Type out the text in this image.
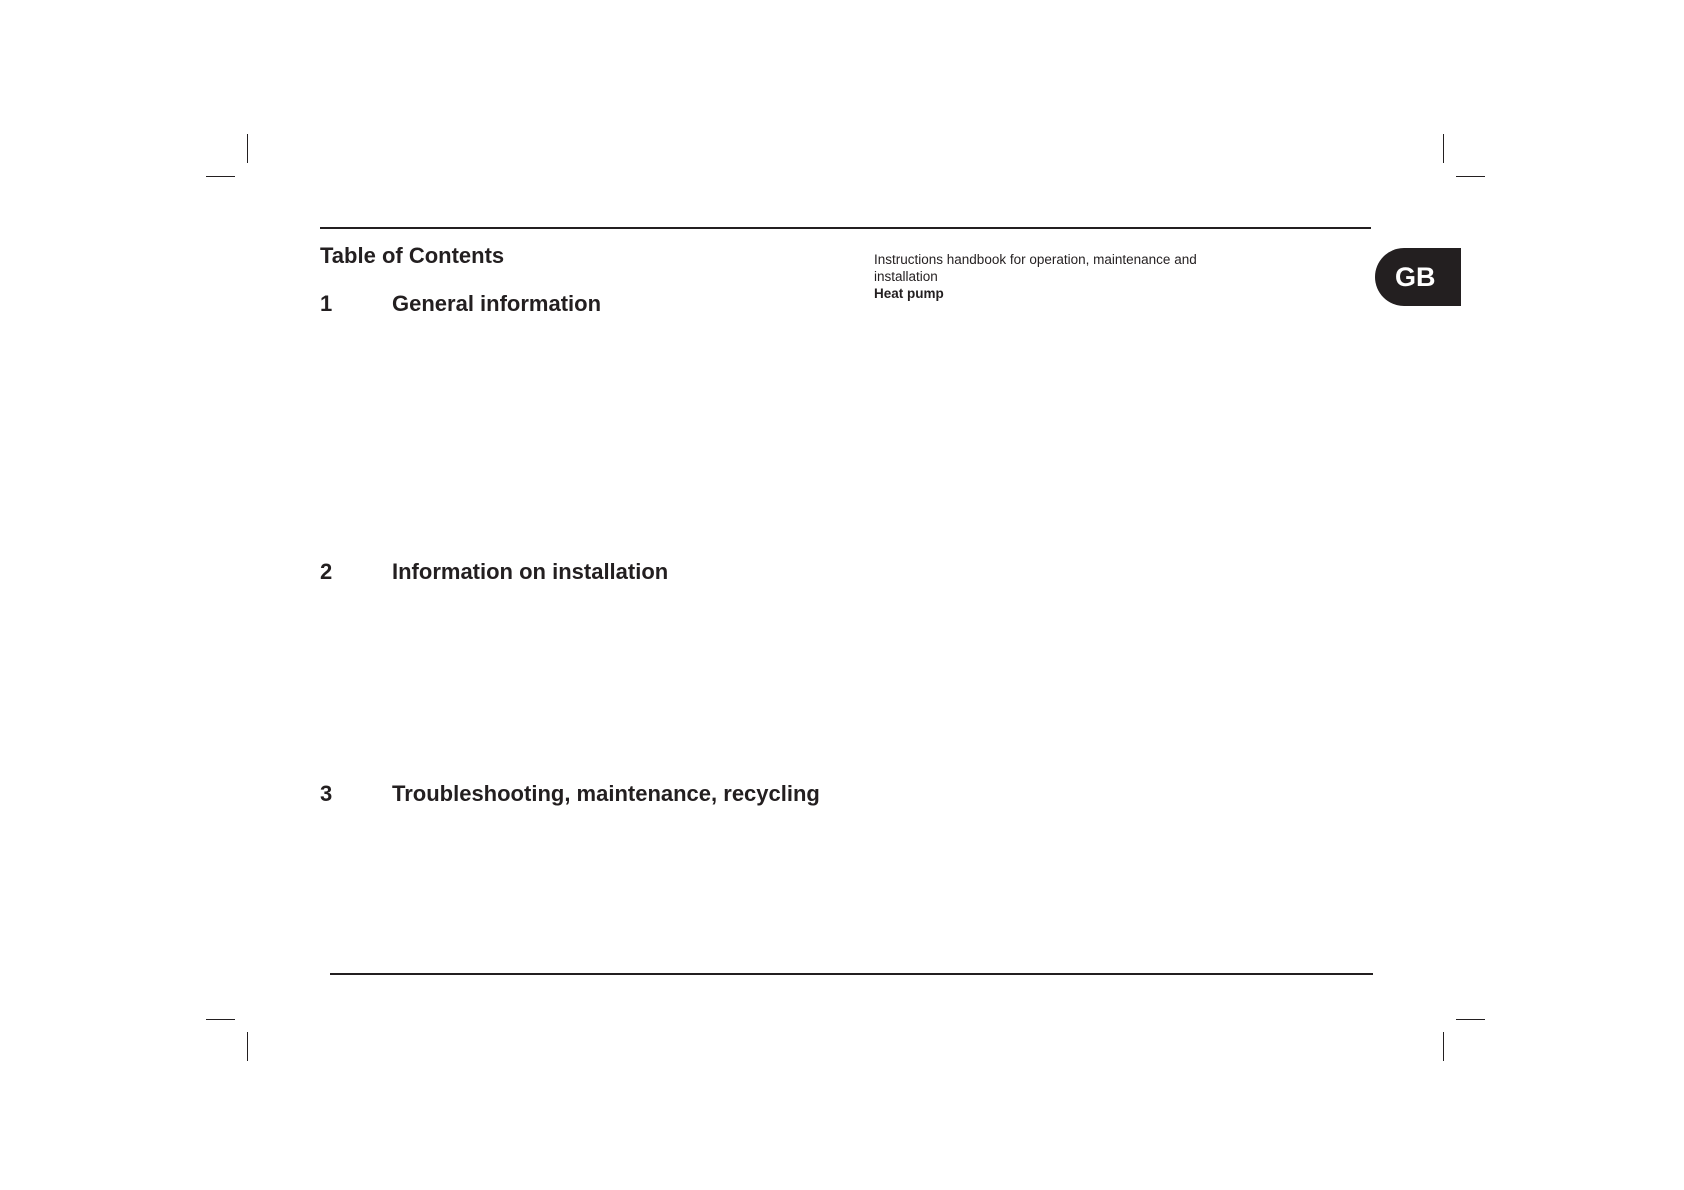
Table of Contents
1	General information
2	Information on installation
3	Troubleshooting, maintenance, recycling
Instructions handbook for operation, maintenance and
installation
Heat pump
GB
